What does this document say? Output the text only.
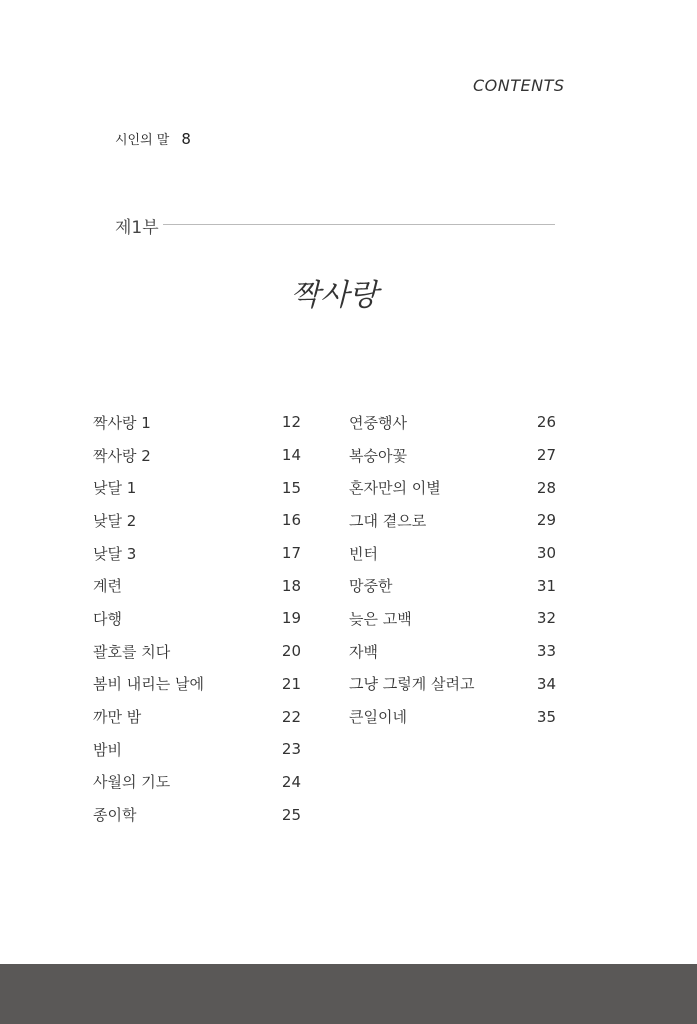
CONTENTS
시인의 말 8
제1부
짝사랑
짝사랑 1	12
짝사랑 2	14
낮달 1	15
낮달 2	16
낮달 3	17
계련	18
다행	19
괄호를 치다	20
봄비 내리는 날에	21
까만 밤	22
밤비	23
사월의 기도	24
종이학	25
연중행사	26
복숭아꽃	27
혼자만의 이별	28
그대 곁으로	29
빈터	30
망중한	31
늦은 고백	32
자백	33
그냥 그렇게 살려고	34
큰일이네	35
